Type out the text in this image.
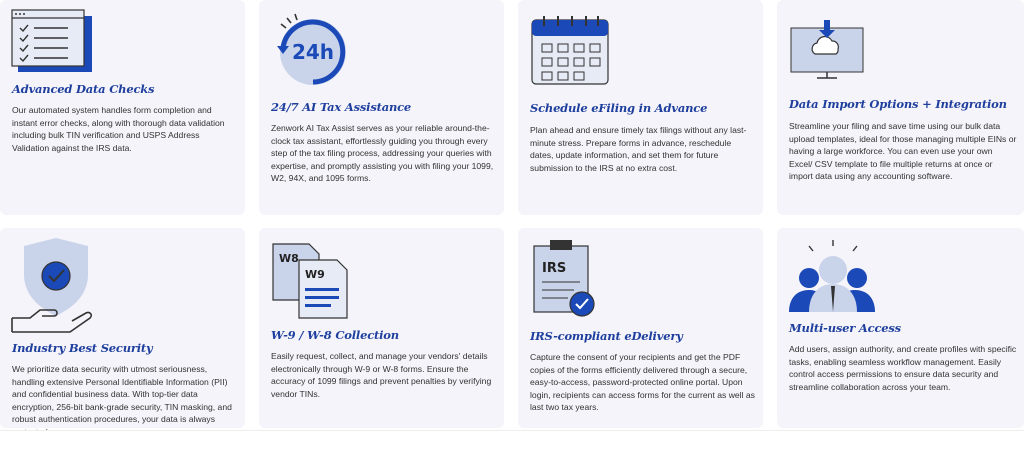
Advanced Data Checks

Our automated system handles form completion and instant error checks, along with thorough data validation including bulk TIN verification and USPS Address Validation against the IRS data.

24h
24/7 AI Tax Assistance

Zenwork AI Tax Assist serves as your reliable around-the-clock tax assistant, effortlessly guiding you through every step of the tax filing process, addressing your queries with expertise, and promptly assisting you with filing your 1099, W2, 94X, and 1095 forms.

Schedule eFiling in Advance

Plan ahead and ensure timely tax filings without any last-minute stress. Prepare forms in advance, reschedule dates, update information, and set them for future submission to the IRS at no extra cost.

Data Import Options + Integration

Streamline your filing and save time using our bulk data upload templates, ideal for those managing multiple EINs or having a large workforce. You can even use your own Excel/ CSV template to file multiple returns at once or import data using any accounting software.

Industry Best Security

We prioritize data security with utmost seriousness, handling extensive Personal Identifiable Information (PII) and confidential business data. With top-tier data encryption, 256-bit bank-grade security, TIN masking, and robust authentication procedures, your data is always

W8
W9
W-9 / W-8 Collection

Easily request, collect, and manage your vendors' details electronically through W-9 or W-8 forms. Ensure the accuracy of 1099 filings and prevent penalties by verifying vendor TINs.

IRS
IRS-compliant eDelivery

Capture the consent of your recipients and get the PDF copies of the forms efficiently delivered through a secure, easy-to-access, password-protected online portal. Upon login, recipients can access forms for the current as well as last two tax years.

Multi-user Access

Add users, assign authority, and create profiles with specific tasks, enabling seamless workflow management. Easily control access permissions to ensure data security and streamline collaboration across your team.
